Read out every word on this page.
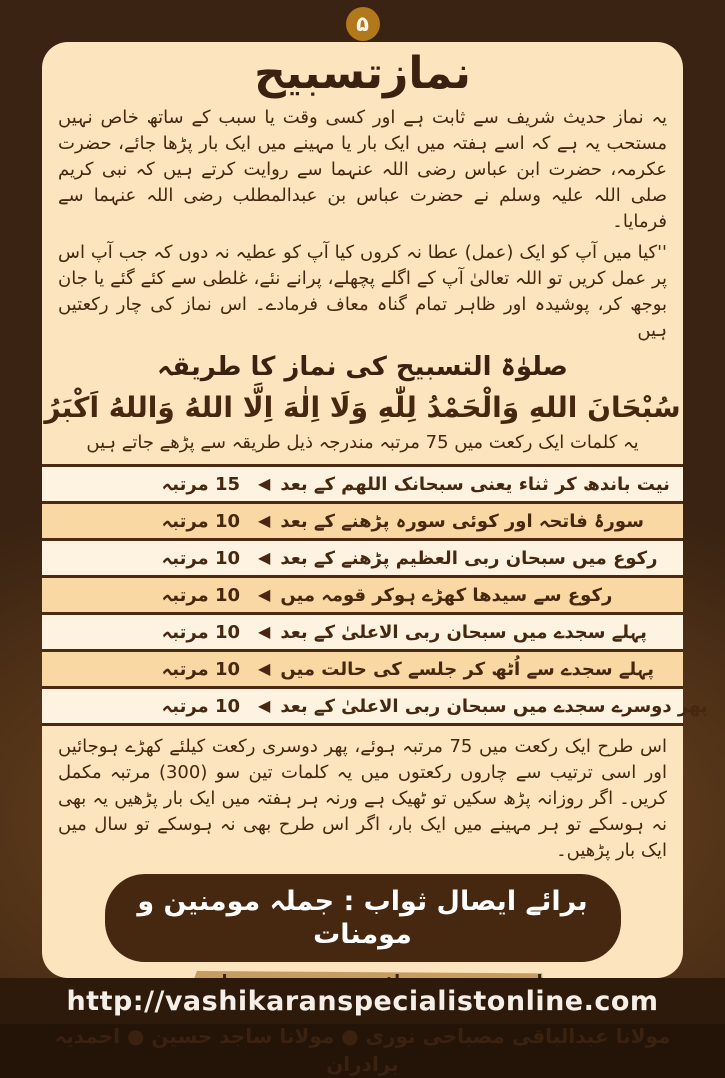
۵
نمازتسبیح

یہ نماز حدیث شریف سے ثابت ہے اور کسی وقت یا سبب کے ساتھ خاص نہیں مستحب یہ ہے کہ اسے ہفتہ میں ایک بار یا مہینے میں ایک بار پڑھا جائے، حضرت عکرمہ، حضرت ابن عباس رضی اللہ عنہما سے روایت کرتے ہیں کہ نبی کریم صلی اللہ علیہ وسلم نے حضرت عباس بن عبدالمطلب رضی اللہ عنہما سے فرمایا۔

''کیا میں آپ کو ایک (عمل) عطا نہ کروں کیا آپ کو عطیہ نہ دوں کہ جب آپ اس پر عمل کریں تو اللہ تعالیٰ آپ کے اگلے پچھلے، پرانے نئے، غلطی سے کئے گئے یا جان بوجھ کر، پوشیدہ اور ظاہر تمام گناہ معاف فرمادے۔ اس نماز کی چار رکعتیں ہیں

صلوٰۃ التسبیح کی نماز کا طریقہ
سُبْحَانَ اللهِ وَالْحَمْدُ لِلّٰهِ وَلَا اِلٰهَ اِلَّا اللهُ وَاللهُ اَكْبَرُ
یہ کلمات ایک رکعت میں 75 مرتبہ مندرجہ ذیل طریقہ سے پڑھے جاتے ہیں
15 مرتبہ ◀ نیت باندھ کر ثناء یعنی سبحانک اللھم کے بعد
10 مرتبہ ◀ سورۂ فاتحہ اور کوئی سورہ پڑھنے کے بعد
10 مرتبہ ◀ رکوع میں سبحان ربی العظیم پڑھنے کے بعد
10 مرتبہ ◀ رکوع سے سیدھا کھڑے ہوکر قومہ میں
10 مرتبہ ◀ پہلے سجدے میں سبحان ربی الاعلیٰ کے بعد
10 مرتبہ ◀ پہلے سجدے سے اُٹھ کر جلسے کی حالت میں
10 مرتبہ ◀ پھر دوسرے سجدے میں سبحان ربی الاعلیٰ کے بعد

اس طرح ایک رکعت میں 75 مرتبہ ہوئے، پھر دوسری رکعت کیلئے کھڑے ہوجائیں اور اسی ترتیب سے چاروں رکعتوں میں یہ کلمات تین سو (300) مرتبہ مکمل کریں۔ اگر روزانہ پڑھ سکیں تو ٹھیک ہے ورنہ ہر ہفتہ میں ایک بار پڑھیں یہ بھی نہ ہوسکے تو ہر مہینے میں ایک بار، اگر اس طرح بھی نہ ہوسکے تو سال میں ایک بار پڑھیں۔

برائے ایصال ثواب : جملہ مومنین و مومنات
مولانا عبدالباقی مصباحی نوری ● مولانا ساجد حسین ● احمدیہ برادران
http://vashikaranspecialistonline.com
